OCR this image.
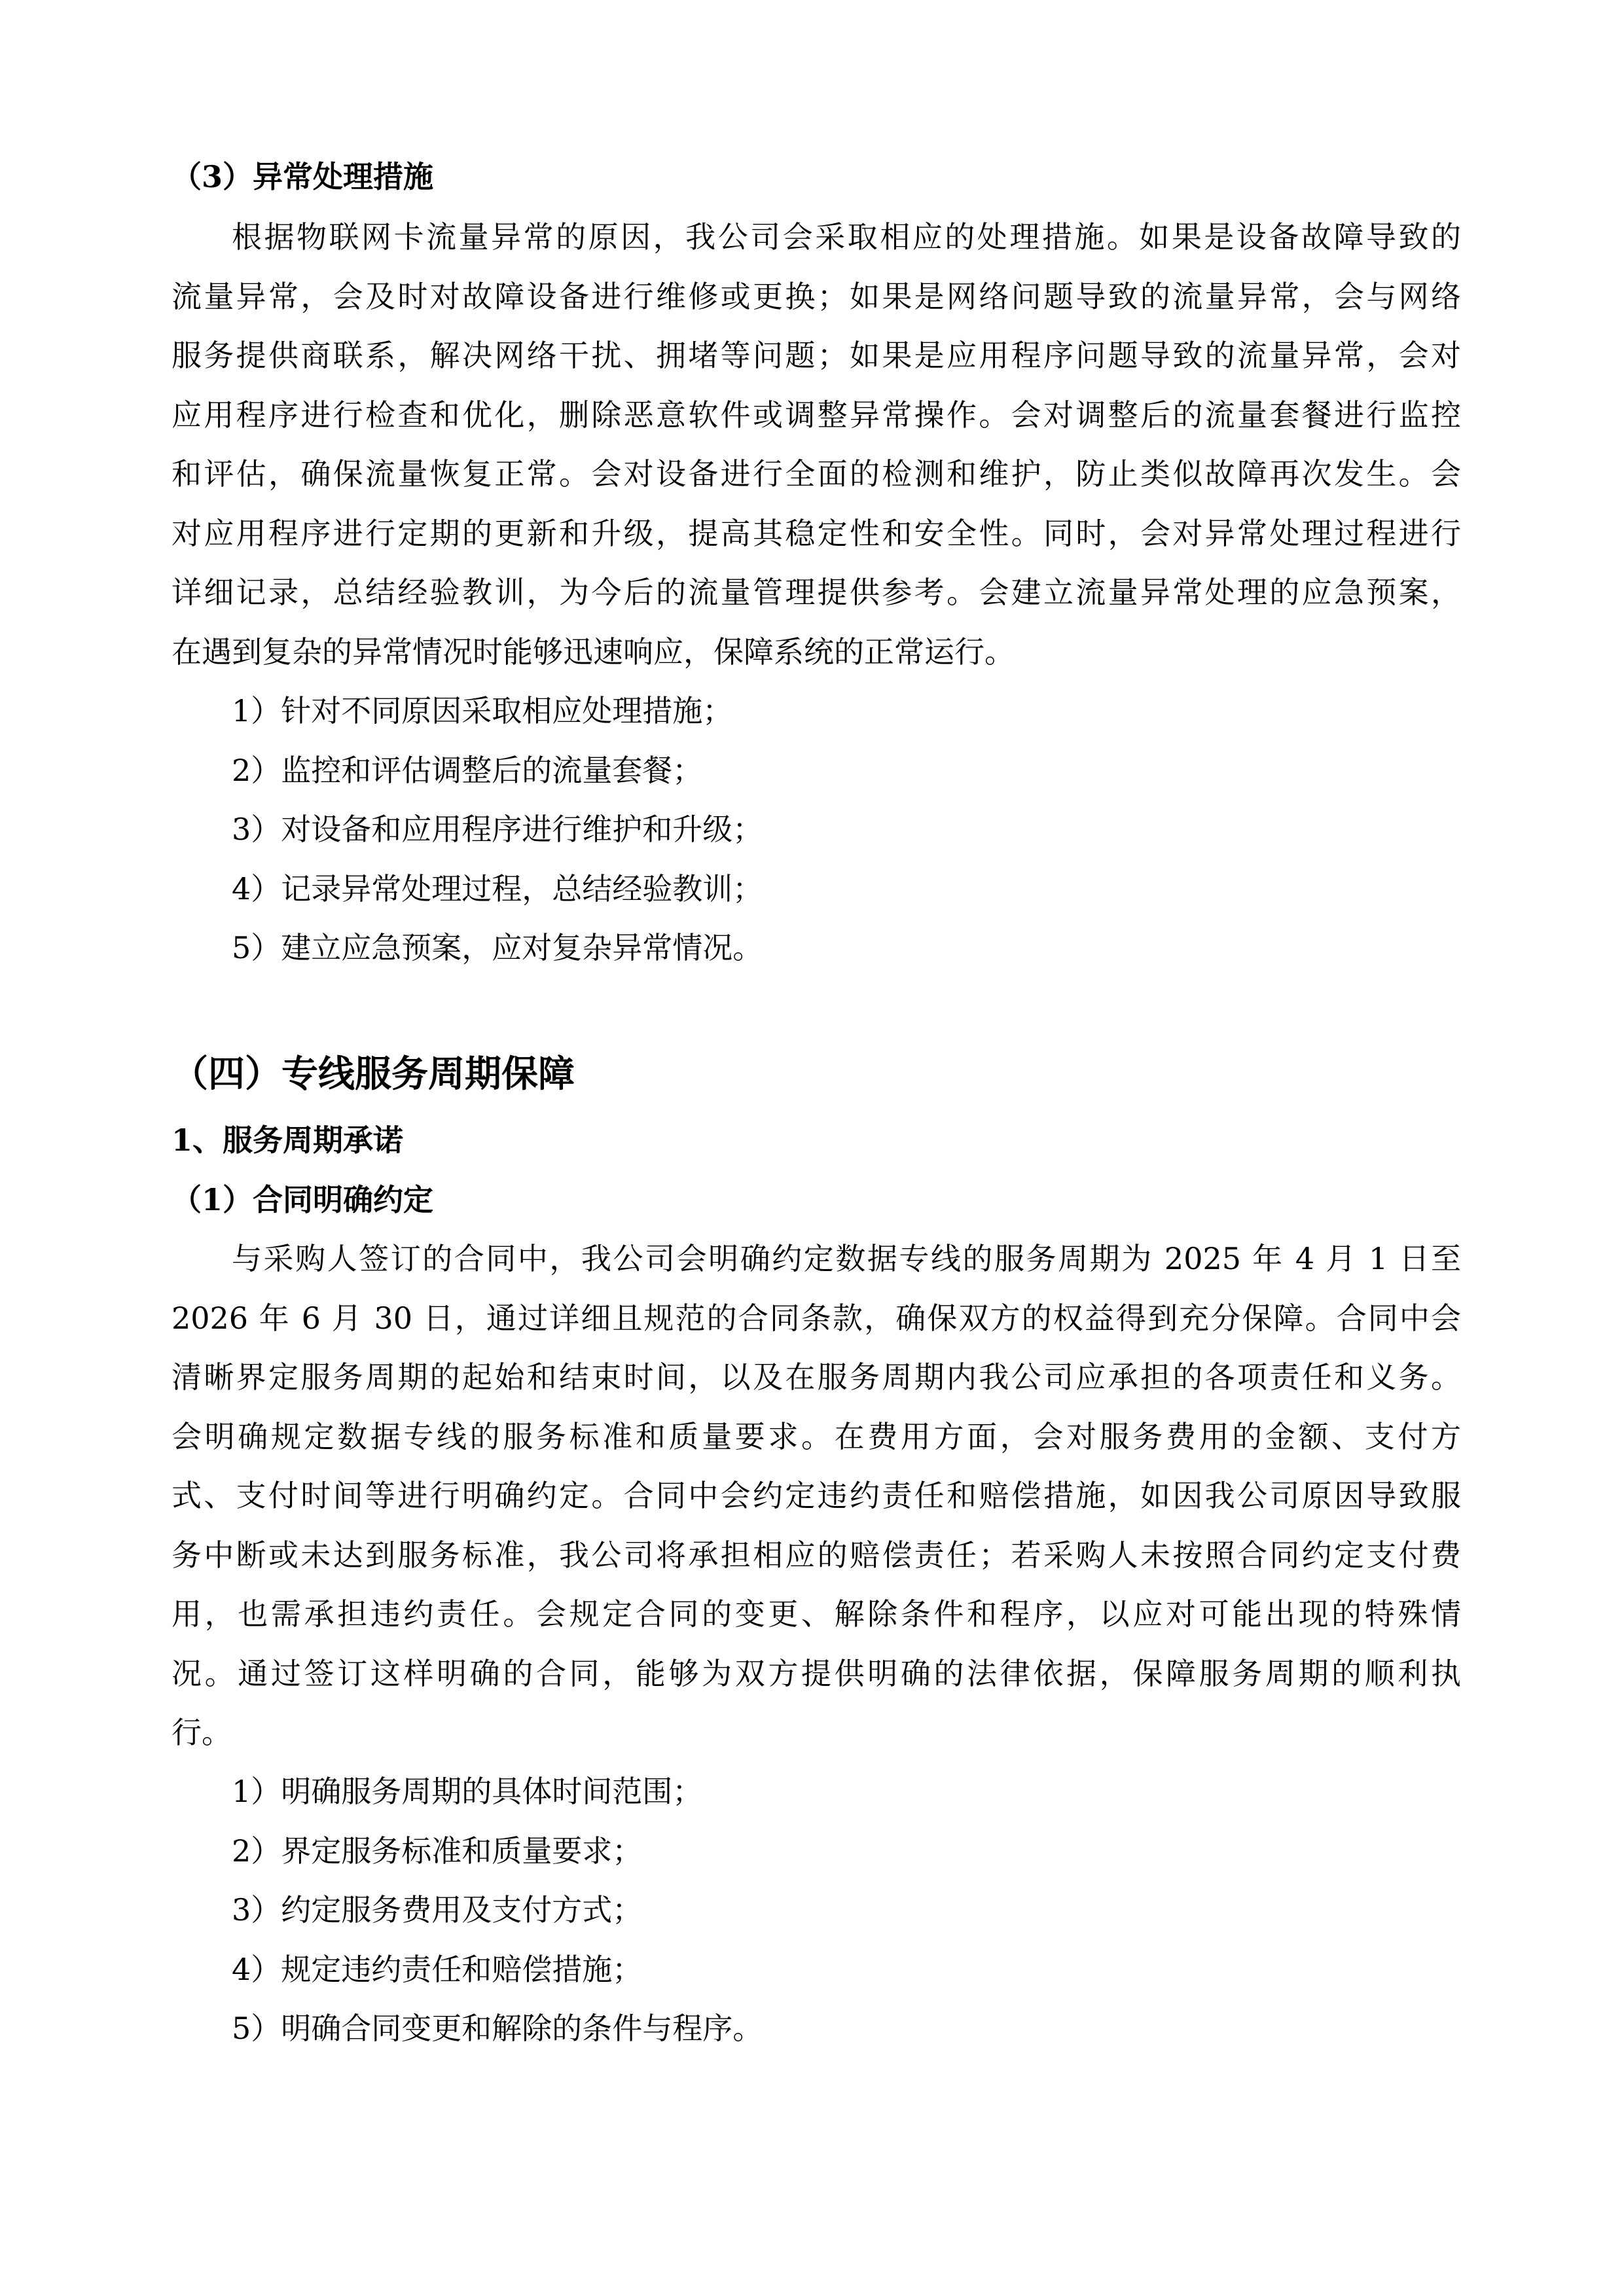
（3）异常处理措施
根据物联网卡流量异常的原因，我公司会采取相应的处理措施。如果是设备故障导致的
流量异常，会及时对故障设备进行维修或更换；如果是网络问题导致的流量异常，会与网络
服务提供商联系，解决网络干扰、拥堵等问题；如果是应用程序问题导致的流量异常，会对
应用程序进行检查和优化，删除恶意软件或调整异常操作。会对调整后的流量套餐进行监控
和评估，确保流量恢复正常。会对设备进行全面的检测和维护，防止类似故障再次发生。会
对应用程序进行定期的更新和升级，提高其稳定性和安全性。同时，会对异常处理过程进行
详细记录，总结经验教训，为今后的流量管理提供参考。会建立流量异常处理的应急预案，
在遇到复杂的异常情况时能够迅速响应，保障系统的正常运行。
1）针对不同原因采取相应处理措施；
2）监控和评估调整后的流量套餐；
3）对设备和应用程序进行维护和升级；
4）记录异常处理过程，总结经验教训；
5）建立应急预案，应对复杂异常情况。
（四）专线服务周期保障
1、服务周期承诺
（1）合同明确约定
与采购人签订的合同中，我公司会明确约定数据专线的服务周期为 2025 年 4 月 1 日至
2026 年 6 月 30 日，通过详细且规范的合同条款，确保双方的权益得到充分保障。合同中会
清晰界定服务周期的起始和结束时间，以及在服务周期内我公司应承担的各项责任和义务。
会明确规定数据专线的服务标准和质量要求。在费用方面，会对服务费用的金额、支付方
式、支付时间等进行明确约定。合同中会约定违约责任和赔偿措施，如因我公司原因导致服
务中断或未达到服务标准，我公司将承担相应的赔偿责任；若采购人未按照合同约定支付费
用，也需承担违约责任。会规定合同的变更、解除条件和程序，以应对可能出现的特殊情
况。通过签订这样明确的合同，能够为双方提供明确的法律依据，保障服务周期的顺利执
行。
1）明确服务周期的具体时间范围；
2）界定服务标准和质量要求；
3）约定服务费用及支付方式；
4）规定违约责任和赔偿措施；
5）明确合同变更和解除的条件与程序。
